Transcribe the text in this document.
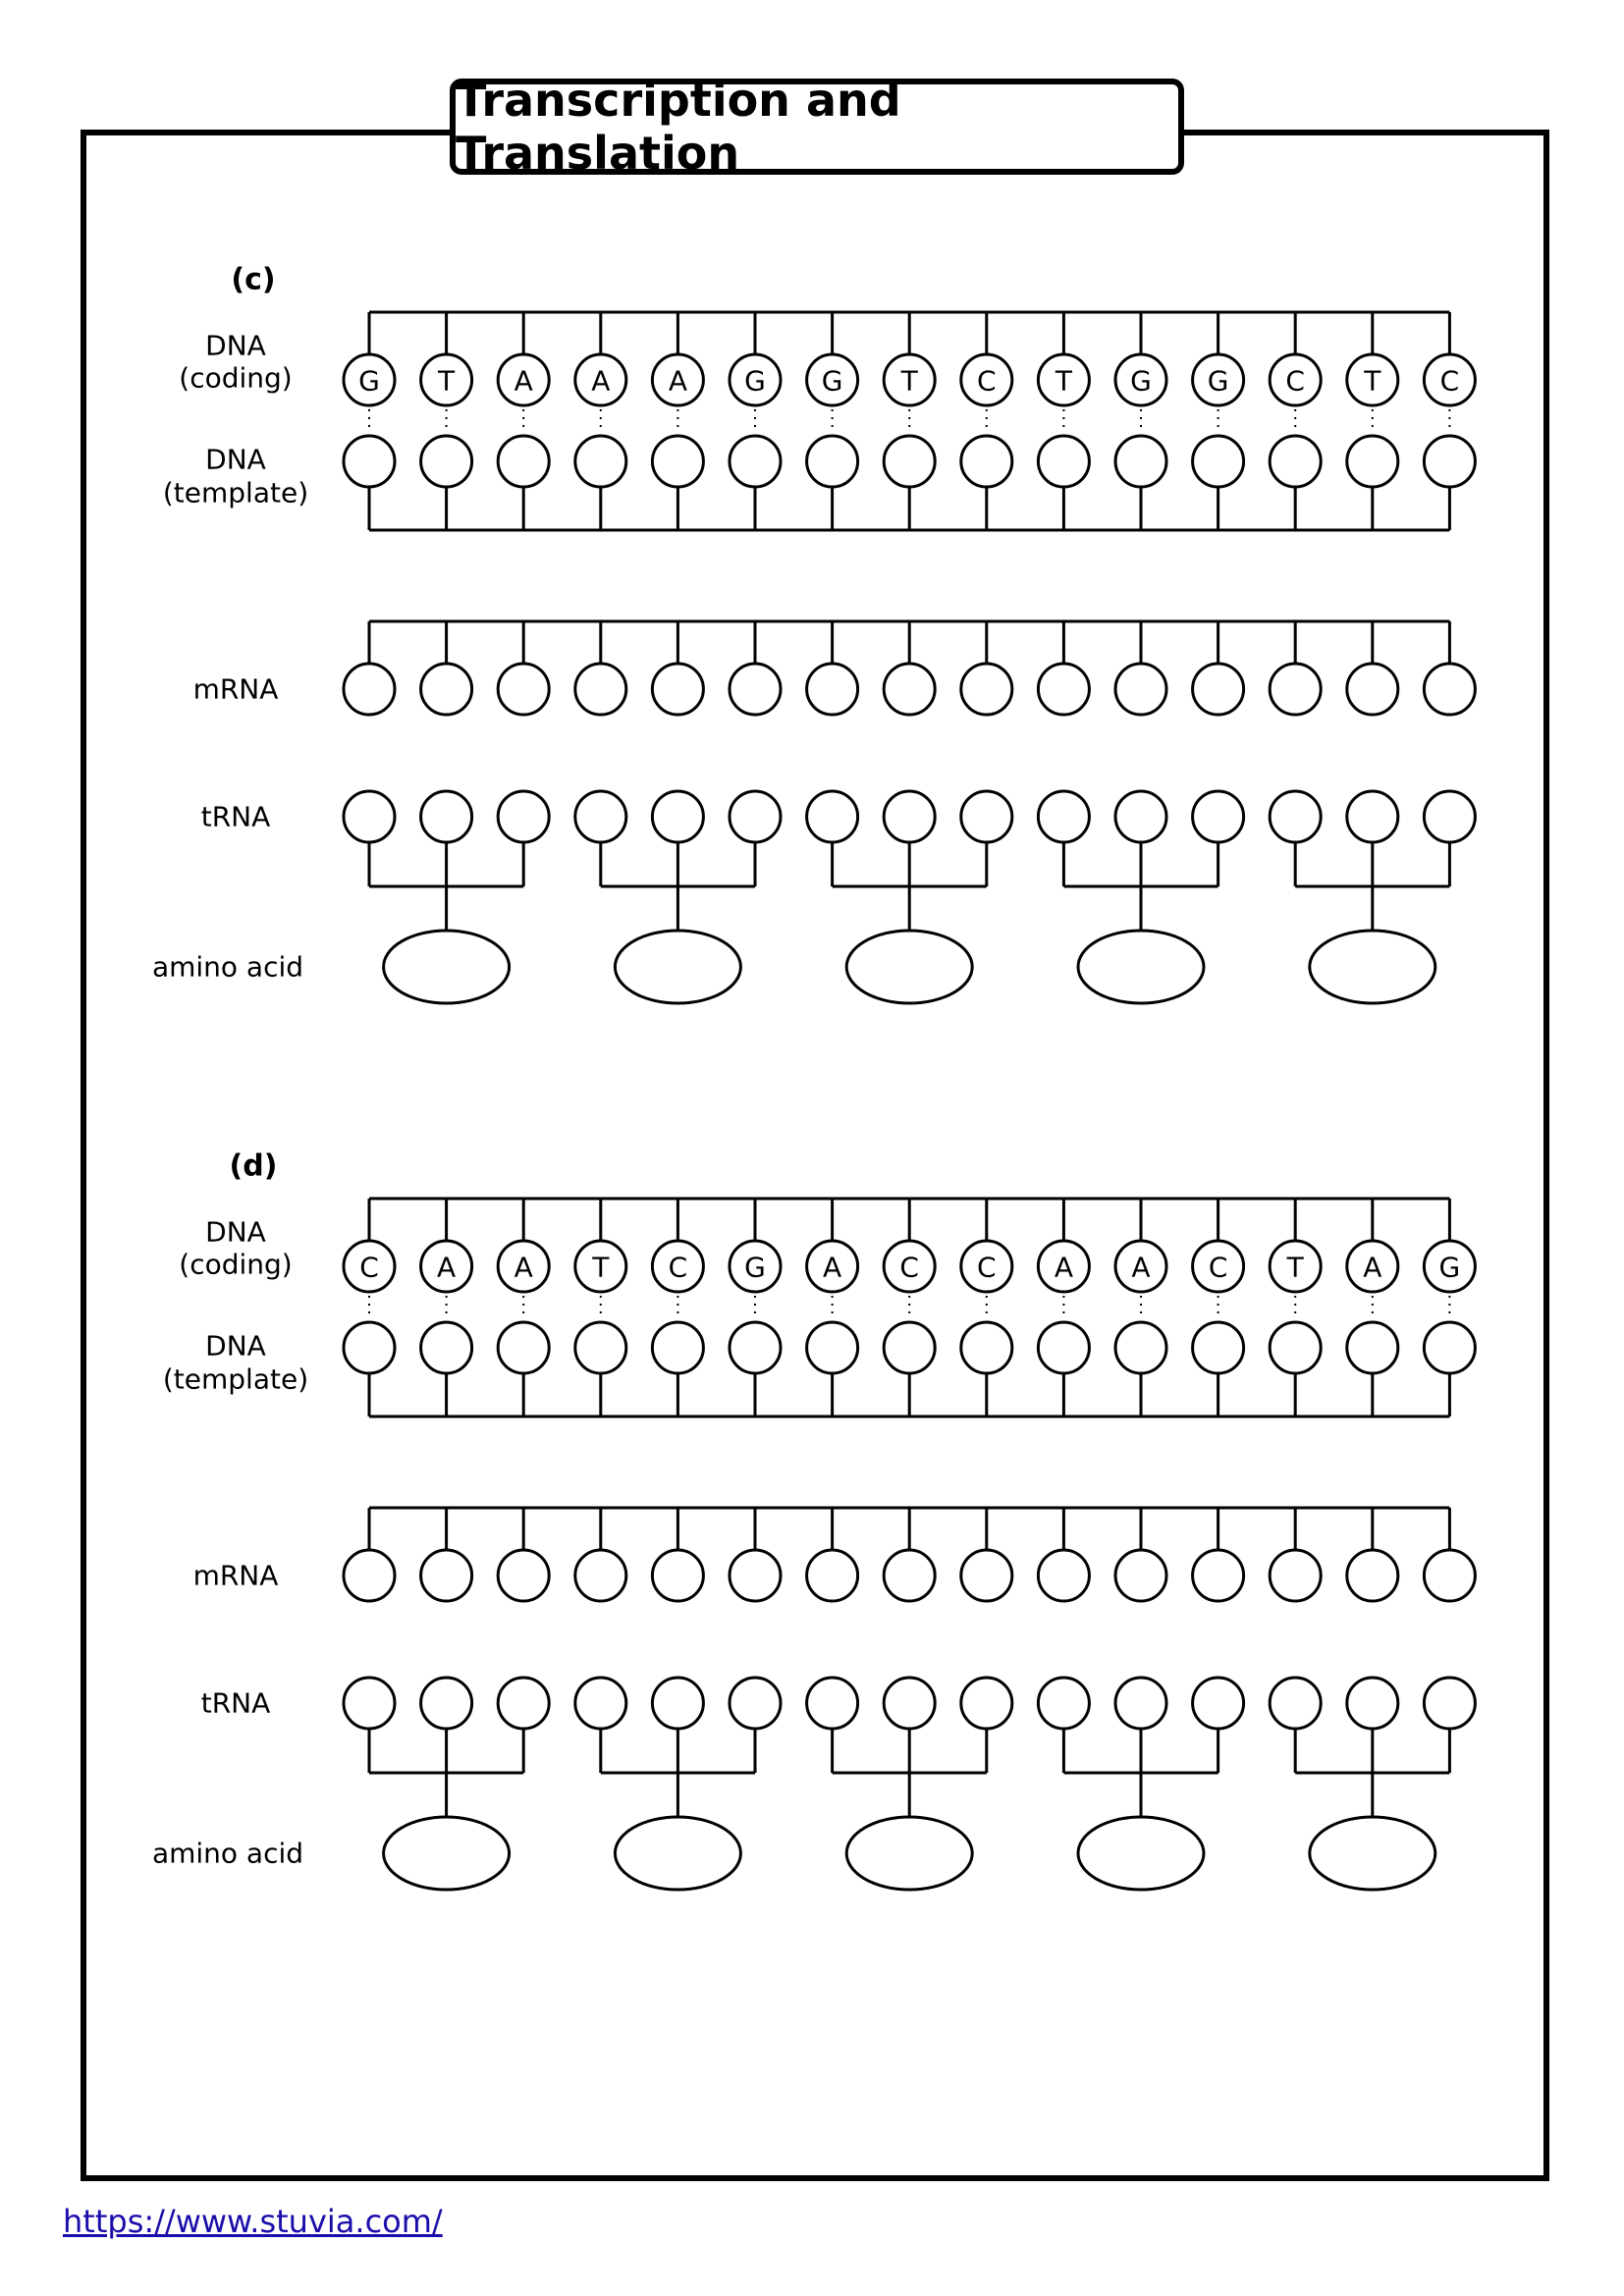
(c)
DNA
(coding)
DNA
(template)
G T A A A G G T C T G G C T C
mRNA
tRNA
amino acid
(d)
DNA
(coding)
DNA
(template)
C A A T C G A C C A A C T A G
mRNA
tRNA
amino acid
Transcription and Translation
https://www.stuvia.com/
